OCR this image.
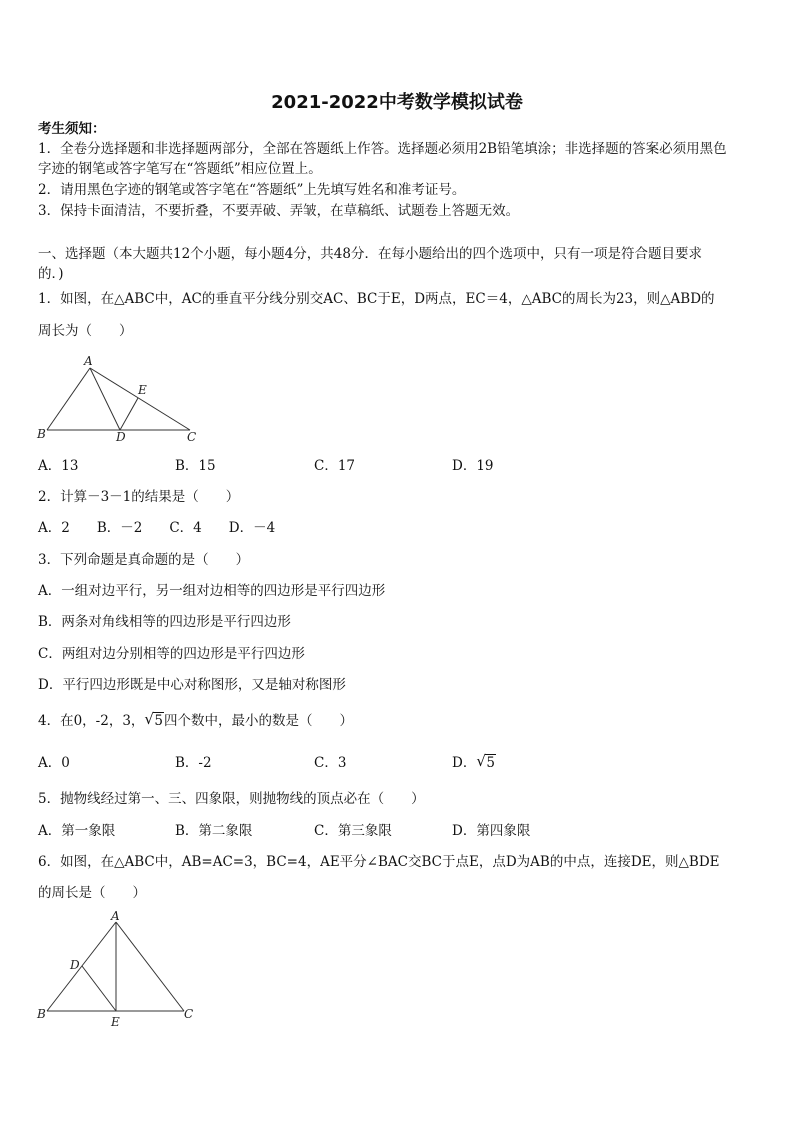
2021-2022中考数学模拟试卷
考生须知：
1．全卷分选择题和非选择题两部分，全部在答题纸上作答。选择题必须用2B铅笔填涂；非选择题的答案必须用黑色
字迹的钢笔或答字笔写在“答题纸”相应位置上。
2．请用黑色字迹的钢笔或答字笔在“答题纸”上先填写姓名和准考证号。
3．保持卡面清洁，不要折叠，不要弄破、弄皱，在草稿纸、试题卷上答题无效。
一、选择题（本大题共12个小题，每小题4分，共48分．在每小题给出的四个选项中，只有一项是符合题目要求
的．)
1．如图，在△ABC中，AC的垂直平分线分别交AC、BC于E，D两点，EC＝4，△ABC的周长为23，则△ABD的
周长为（　　）
A
B	C
D
E
A．13	B．15	C．17	D．19
2．计算－3－1的结果是（　　）
A．2　　B．－2　　C．4　　D．－4
3．下列命题是真命题的是（　　）
A．一组对边平行，另一组对边相等的四边形是平行四边形
B．两条对角线相等的四边形是平行四边形
C．两组对边分别相等的四边形是平行四边形
D．平行四边形既是中心对称图形，又是轴对称图形
4．在0，-2，3， √ 5四个数中，最小的数是（　　）
A．0	B．-2	C．3	D． √ 5
5．抛物线经过第一、三、四象限，则抛物线的顶点必在（　　）
A．第一象限	B．第二象限	C．第三象限	D．第四象限
6．如图，在△ABC中，AB=AC=3，BC=4，AE平分∠BAC交BC于点E，点D为AB的中点，连接DE，则△BDE
的周长是（　　）
A
B	C
D
E
